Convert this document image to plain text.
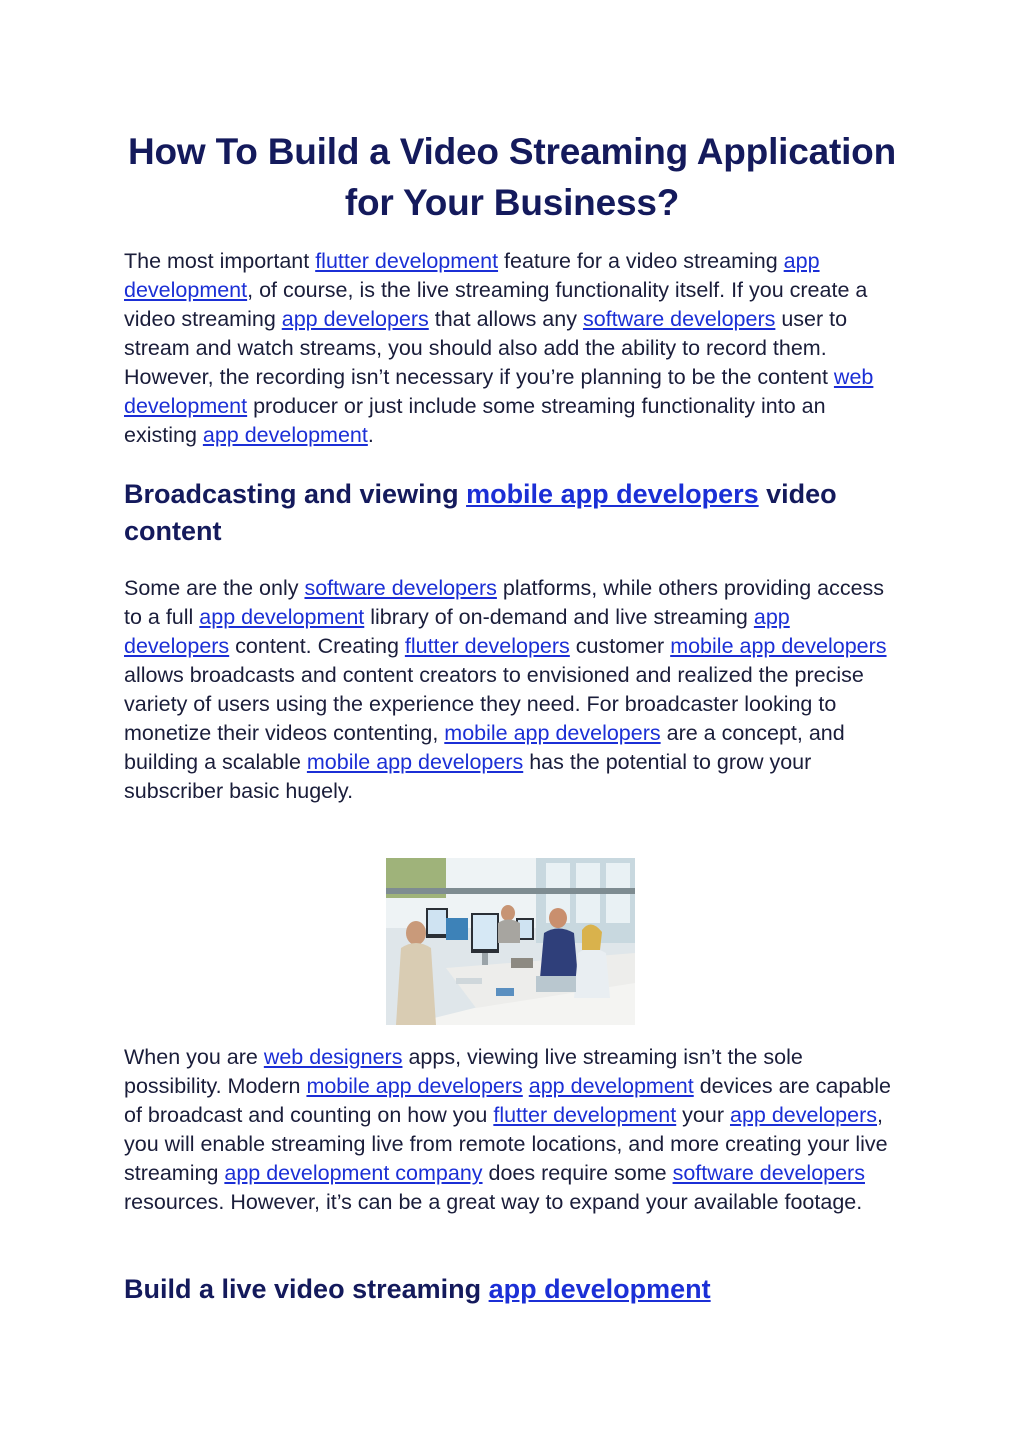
How To Build a Video Streaming Application for Your Business?

The most important flutter development feature for a video streaming app development, of course, is the live streaming functionality itself. If you create a video streaming app developers that allows any software developers user to stream and watch streams, you should also add the ability to record them. However, the recording isn’t necessary if you’re planning to be the content web development producer or just include some streaming functionality into an existing app development.

Broadcasting and viewing mobile app developers video content

Some are the only software developers platforms, while others providing access to a full app development library of on-demand and live streaming app developers content. Creating flutter developers customer mobile app developers allows broadcasts and content creators to envisioned and realized the precise variety of users using the experience they need. For broadcaster looking to monetize their videos contenting, mobile app developers are a concept, and building a scalable mobile app developers has the potential to grow your subscriber basic hugely.

When you are web designers apps, viewing live streaming isn’t the sole possibility. Modern mobile app developers app development devices are capable of broadcast and counting on how you flutter development your app developers, you will enable streaming live from remote locations, and more creating your live streaming app development company does require some software developers resources. However, it’s can be a great way to expand your available footage.

Build a live video streaming app development
